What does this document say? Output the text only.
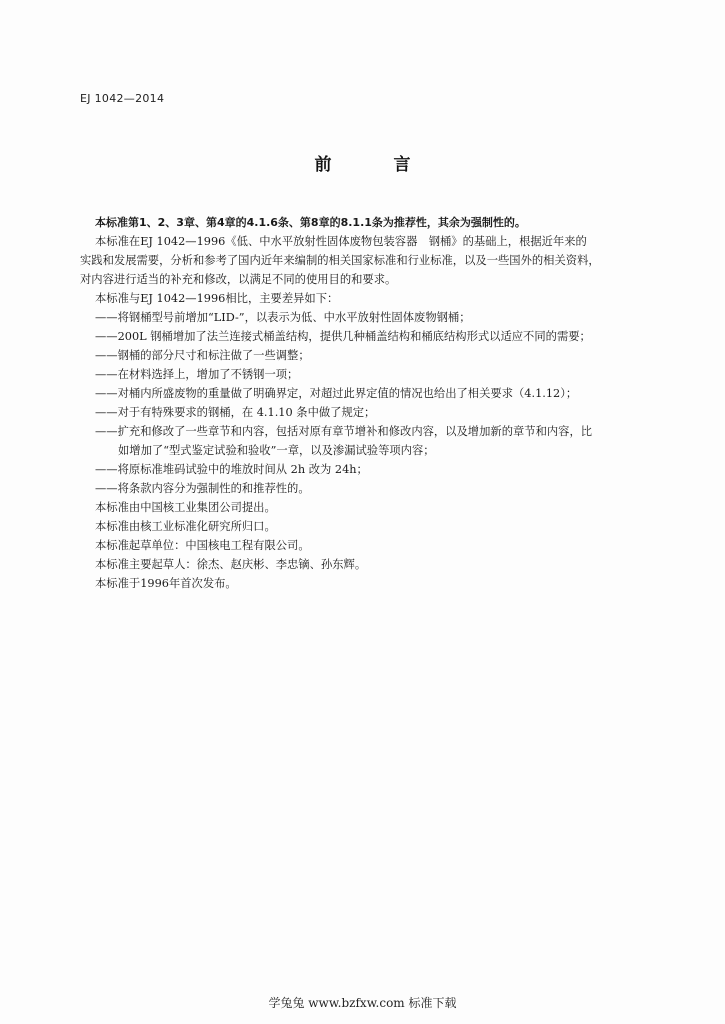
EJ 1042—2014
前 言
本标准第1、2、3章、第4章的4.1.6条、第8章的8.1.1条为推荐性，其余为强制性的。
本标准在EJ 1042—1996《低、中水平放射性固体废物包装容器　钢桶》的基础上，根据近年来的
实践和发展需要，分析和参考了国内近年来编制的相关国家标准和行业标准，以及一些国外的相关资料，
对内容进行适当的补充和修改，以满足不同的使用目的和要求。
本标准与EJ 1042—1996相比，主要差异如下：
——将钢桶型号前增加“LID-”，以表示为低、中水平放射性固体废物钢桶；
——200L 钢桶增加了法兰连接式桶盖结构，提供几种桶盖结构和桶底结构形式以适应不同的需要；
——钢桶的部分尺寸和标注做了一些调整；
——在材料选择上，增加了不锈钢一项；
——对桶内所盛废物的重量做了明确界定，对超过此界定值的情况也给出了相关要求（4.1.12）；
——对于有特殊要求的钢桶，在 4.1.10 条中做了规定；
——扩充和修改了一些章节和内容，包括对原有章节增补和修改内容，以及增加新的章节和内容，比
如增加了“型式鉴定试验和验收”一章，以及渗漏试验等项内容；
——将原标准堆码试验中的堆放时间从 2h 改为 24h；
——将条款内容分为强制性的和推荐性的。
本标准由中国核工业集团公司提出。
本标准由核工业标准化研究所归口。
本标准起草单位：中国核电工程有限公司。
本标准主要起草人：徐杰、赵庆彬、李忠镝、孙东辉。
本标准于1996年首次发布。
学兔兔 www.bzfxw.com 标准下载
